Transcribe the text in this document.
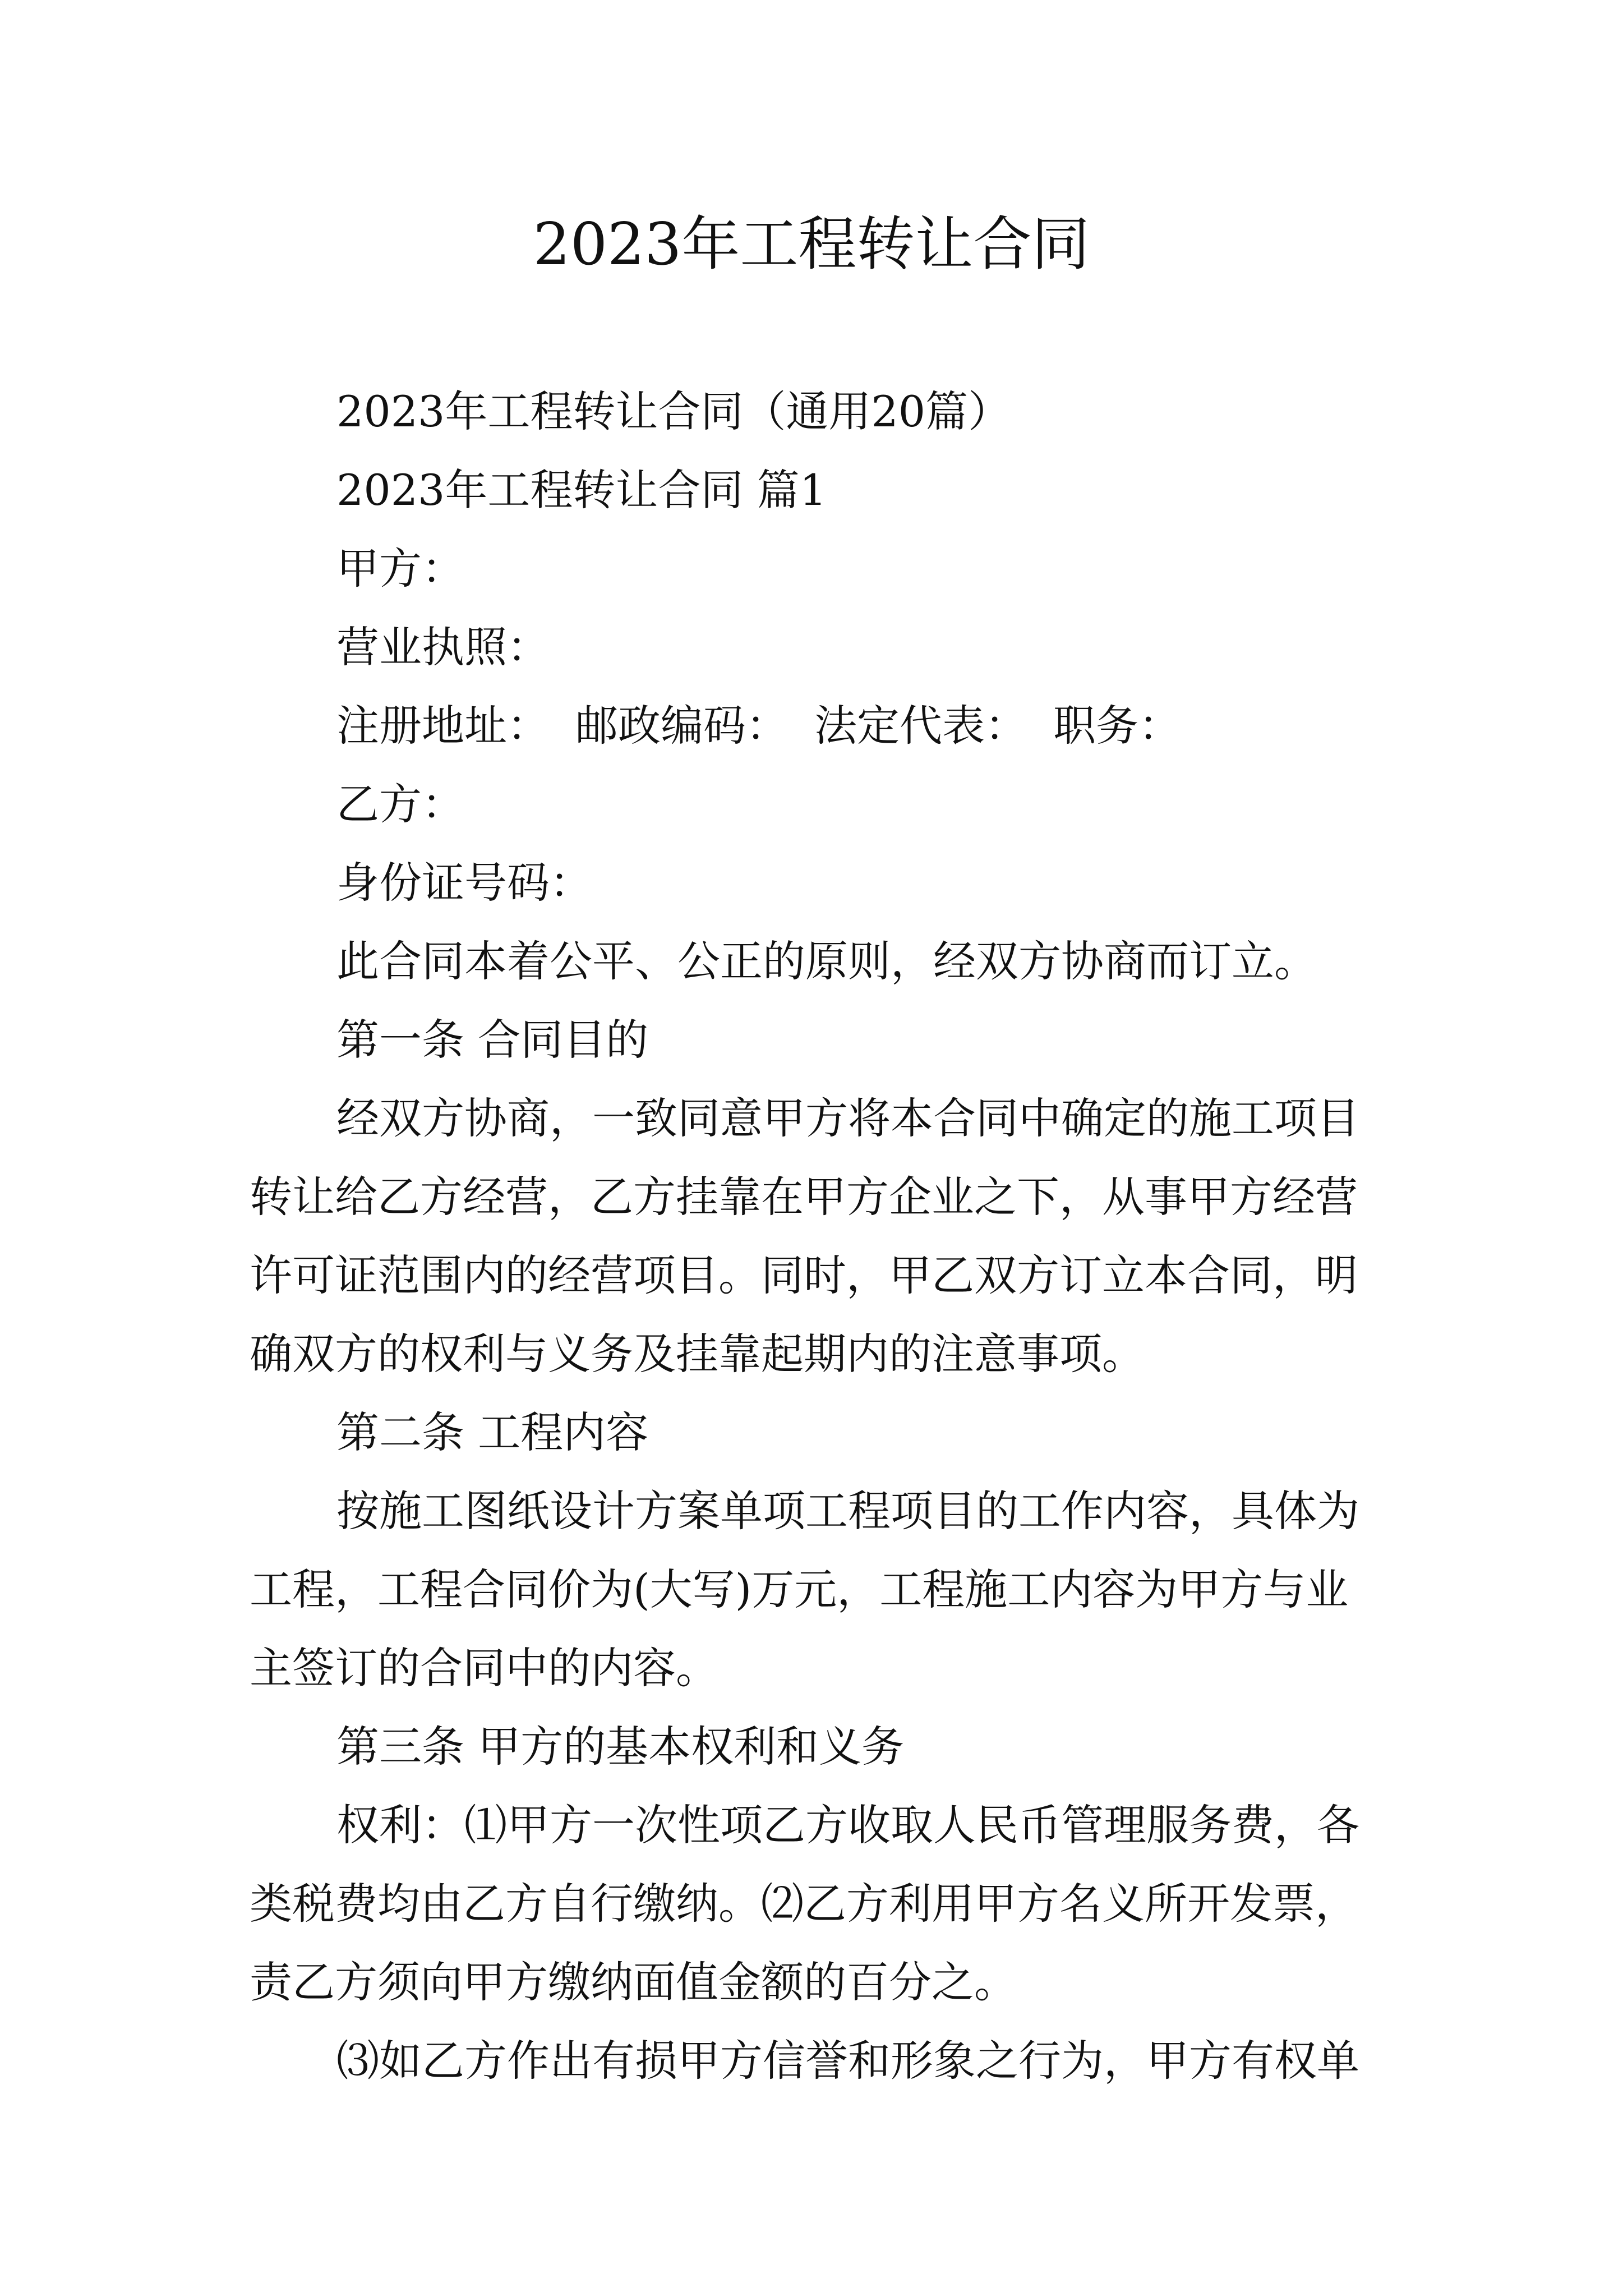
2023年工程转让合同

2023年工程转让合同（通用20篇）

2023年工程转让合同 篇1

甲方：

营业执照：

注册地址： 邮政编码： 法定代表： 职务：

乙方：

身份证号码：

此合同本着公平、公正的原则，经双方协商而订立。

第一条 合同目的

经双方协商，一致同意甲方将本合同中确定的施工项目

转让给乙方经营，乙方挂靠在甲方企业之下，从事甲方经营

许可证范围内的经营项目。同时，甲乙双方订立本合同，明

确双方的权利与义务及挂靠起期内的注意事项。

第二条 工程内容

按施工图纸设计方案单项工程项目的工作内容，具体为

工程，工程合同价为(大写)万元，工程施工内容为甲方与业

主签订的合同中的内容。

第三条 甲方的基本权利和义务

权利：⑴甲方一次性项乙方收取人民币管理服务费，各

类税费均由乙方自行缴纳。⑵乙方利用甲方名义所开发票，

责乙方须向甲方缴纳面值金额的百分之。

⑶如乙方作出有损甲方信誉和形象之行为，甲方有权单
